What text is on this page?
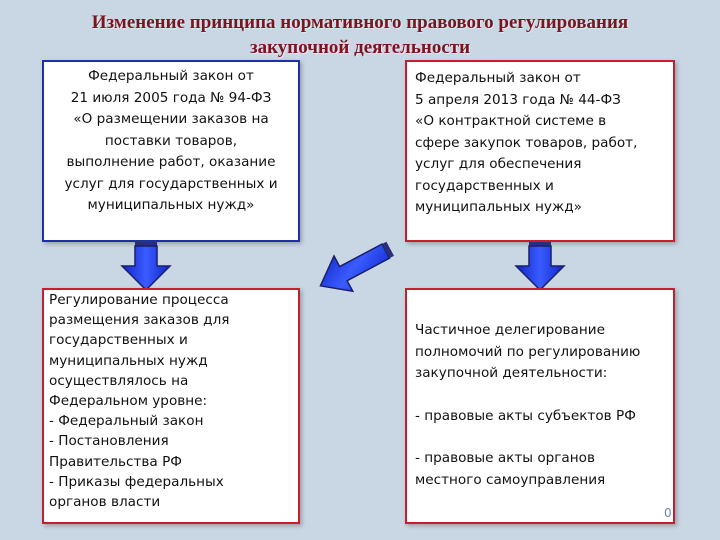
Изменение принципа нормативного правового регулирования
закупочной деятельности
Федеральный закон от
21 июля 2005 года № 94-ФЗ
«О размещении заказов на
поставки товаров,
выполнение работ, оказание
услуг для государственных и
муниципальных нужд»
Федеральный закон от
5 апреля 2013 года № 44-ФЗ
«О контрактной системе в
сфере закупок товаров, работ,
услуг для обеспечения
государственных и
муниципальных нужд»
Регулирование процесса
размещения заказов для
государственных и
муниципальных нужд
осуществлялось на
Федеральном уровне:
- Федеральный закон
- Постановления
Правительства РФ
- Приказы федеральных
органов власти
Частичное делегирование
полномочий по регулированию
закупочной деятельности:
- правовые акты субъектов РФ
- правовые акты органов
местного самоуправления
0
